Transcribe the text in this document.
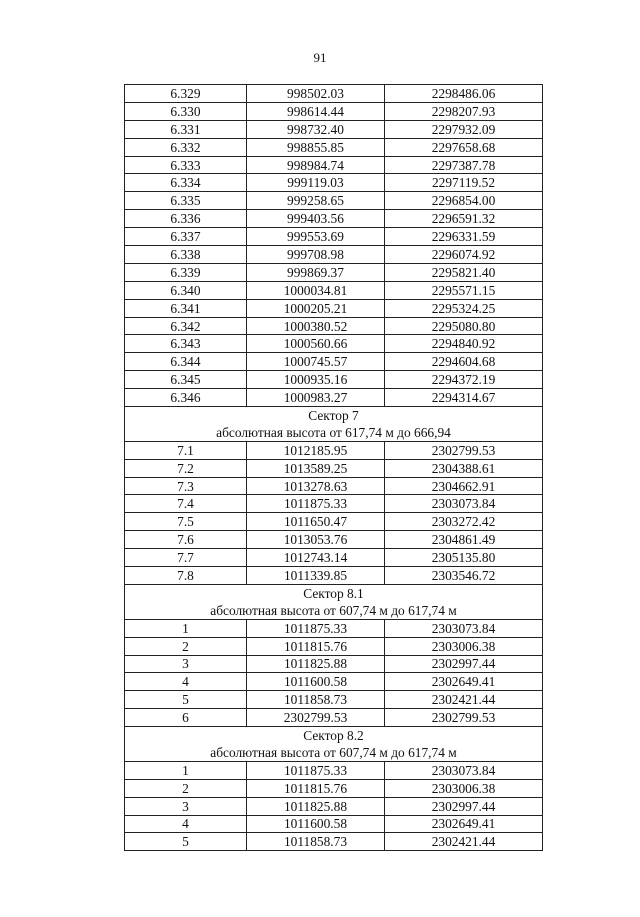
91
6.329	998502.03	2298486.06
6.330	998614.44	2298207.93
6.331	998732.40	2297932.09
6.332	998855.85	2297658.68
6.333	998984.74	2297387.78
6.334	999119.03	2297119.52
6.335	999258.65	2296854.00
6.336	999403.56	2296591.32
6.337	999553.69	2296331.59
6.338	999708.98	2296074.92
6.339	999869.37	2295821.40
6.340	1000034.81	2295571.15
6.341	1000205.21	2295324.25
6.342	1000380.52	2295080.80
6.343	1000560.66	2294840.92
6.344	1000745.57	2294604.68
6.345	1000935.16	2294372.19
6.346	1000983.27	2294314.67
Сектор 7		
абсолютная высота от 617,74 м до 666,94		
7.1	1012185.95	2302799.53
7.2	1013589.25	2304388.61
7.3	1013278.63	2304662.91
7.4	1011875.33	2303073.84
7.5	1011650.47	2303272.42
7.6	1013053.76	2304861.49
7.7	1012743.14	2305135.80
7.8	1011339.85	2303546.72
Сектор 8.1		
абсолютная высота от 607,74 м до 617,74 м		
1	1011875.33	2303073.84
2	1011815.76	2303006.38
3	1011825.88	2302997.44
4	1011600.58	2302649.41
5	1011858.73	2302421.44
6	2302799.53	2302799.53
Сектор 8.2		
абсолютная высота от 607,74 м до 617,74 м		
1	1011875.33	2303073.84
2	1011815.76	2303006.38
3	1011825.88	2302997.44
4	1011600.58	2302649.41
5	1011858.73	2302421.44
